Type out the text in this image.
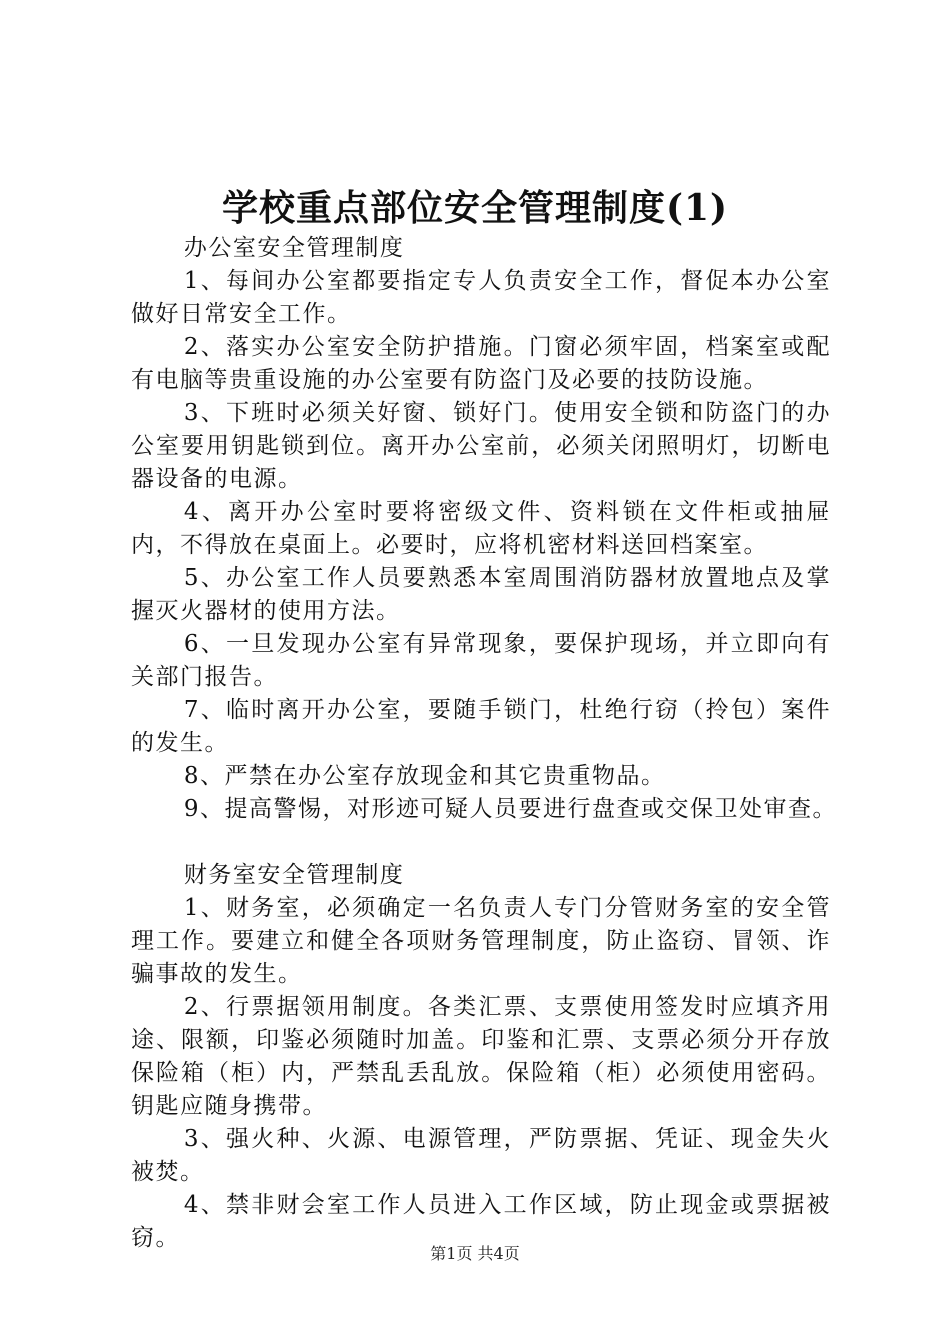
学校重点部位安全管理制度(1)

办公室安全管理制度

1、每间办公室都要指定专人负责安全工作，督促本办公室做好日常安全工作。

2、落实办公室安全防护措施。门窗必须牢固，档案室或配有电脑等贵重设施的办公室要有防盗门及必要的技防设施。

3、下班时必须关好窗、锁好门。使用安全锁和防盗门的办公室要用钥匙锁到位。离开办公室前，必须关闭照明灯，切断电器设备的电源。

4、离开办公室时要将密级文件、资料锁在文件柜或抽屉内，不得放在桌面上。必要时，应将机密材料送回档案室。

5、办公室工作人员要熟悉本室周围消防器材放置地点及掌握灭火器材的使用方法。

6、一旦发现办公室有异常现象，要保护现场，并立即向有关部门报告。

7、临时离开办公室，要随手锁门，杜绝行窃（拎包）案件的发生。

8、严禁在办公室存放现金和其它贵重物品。

9、提高警惕，对形迹可疑人员要进行盘查或交保卫处审查。

财务室安全管理制度

1、财务室，必须确定一名负责人专门分管财务室的安全管理工作。要建立和健全各项财务管理制度，防止盗窃、冒领、诈骗事故的发生。

2、行票据领用制度。各类汇票、支票使用签发时应填齐用途、限额，印鉴必须随时加盖。印鉴和汇票、支票必须分开存放保险箱（柜）内，严禁乱丢乱放。保险箱（柜）必须使用密码。钥匙应随身携带。

3、强火种、火源、电源管理，严防票据、凭证、现金失火被焚。

4、禁非财会室工作人员进入工作区域，防止现金或票据被窃。

第1页 共4页
